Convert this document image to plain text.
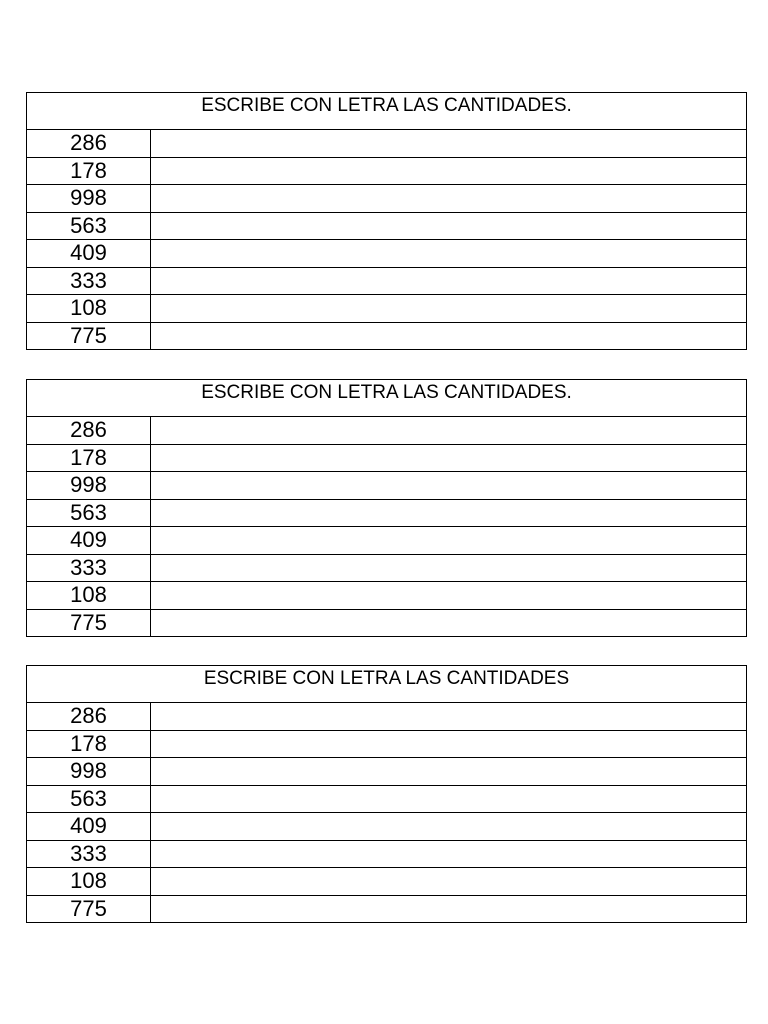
ESCRIBE CON LETRA LAS CANTIDADES.	
286	
178	
998	
563	
409	
333	
108	
775	
ESCRIBE CON LETRA LAS CANTIDADES.	
286	
178	
998	
563	
409	
333	
108	
775	
ESCRIBE CON LETRA LAS CANTIDADES	
286	
178	
998	
563	
409	
333	
108	
775	
